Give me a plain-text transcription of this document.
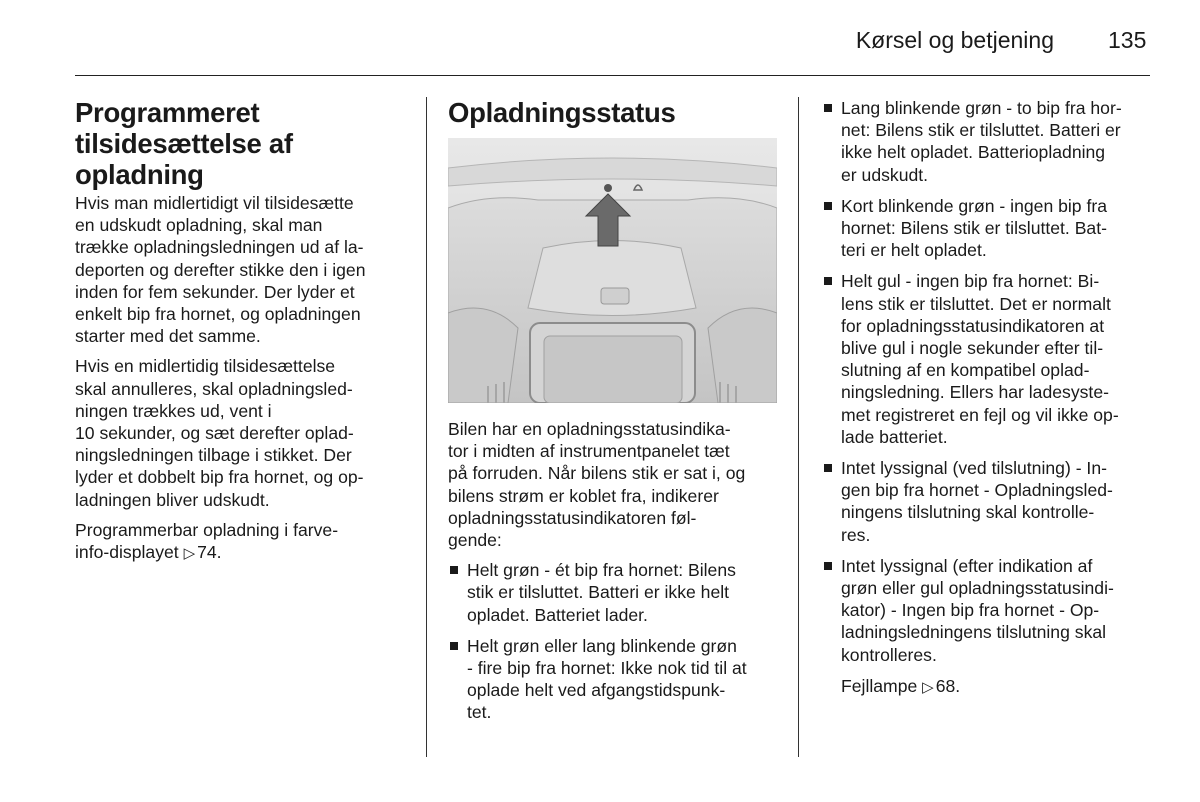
Kørsel og betjening 135
Programmeret
tilsidesættelse af
opladning

Hvis man midlertidigt vil tilsidesætte
en udskudt opladning, skal man
trække opladningsledningen ud af la-
deporten og derefter stikke den i igen
inden for fem sekunder. Der lyder et
enkelt bip fra hornet, og opladningen
starter med det samme.

Hvis en midlertidig tilsidesættelse
skal annulleres, skal opladningsled-
ningen trækkes ud, vent i
10 sekunder, og sæt derefter oplad-
ningsledningen tilbage i stikket. Der
lyder et dobbelt bip fra hornet, og op-
ladningen bliver udskudt.

Programmerbar opladning i farve-
info-displayet ▷ 74.

Opladningsstatus

Bilen har en opladningsstatusindika-
tor i midten af instrumentpanelet tæt
på forruden. Når bilens stik er sat i, og
bilens strøm er koblet fra, indikerer
opladningsstatusindikatoren føl-
gende:

Helt grøn - ét bip fra hornet: Bilens
stik er tilsluttet. Batteri er ikke helt
opladet. Batteriet lader.
Helt grøn eller lang blinkende grøn
- fire bip fra hornet: Ikke nok tid til at
oplade helt ved afgangstidspunk-
tet.
Lang blinkende grøn - to bip fra hor-
net: Bilens stik er tilsluttet. Batteri er
ikke helt opladet. Batteriopladning
er udskudt.
Kort blinkende grøn - ingen bip fra
hornet: Bilens stik er tilsluttet. Bat-
teri er helt opladet.
Helt gul - ingen bip fra hornet: Bi-
lens stik er tilsluttet. Det er normalt
for opladningsstatusindikatoren at
blive gul i nogle sekunder efter til-
slutning af en kompatibel oplad-
ningsledning. Ellers har ladesyste-
met registreret en fejl og vil ikke op-
lade batteriet.
Intet lyssignal (ved tilslutning) - In-
gen bip fra hornet - Opladningsled-
ningens tilslutning skal kontrolle-
res.
Intet lyssignal (efter indikation af
grøn eller gul opladningsstatusindi-
kator) - Ingen bip fra hornet - Op-
ladningsledningens tilslutning skal
kontrolleres.

Fejllampe ▷ 68.
